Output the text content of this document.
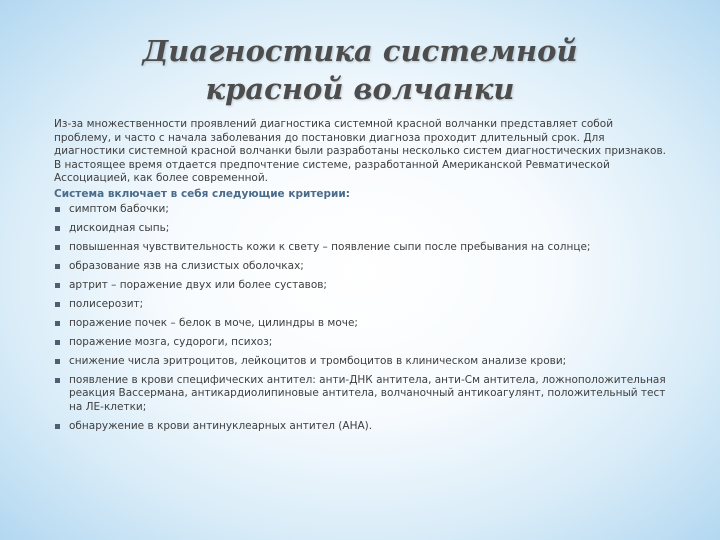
Диагностика системной
красной волчанки

Из-за множественности проявлений диагностика системной красной волчанки представляет собой проблему, и часто с начала заболевания до постановки диагноза проходит длительный срок. Для диагностики системной красной волчанки были разработаны несколько систем диагностических признаков. В настоящее время отдается предпочтение системе, разработанной Американской Ревматической Ассоциацией, как более современной.

Система включает в себя следующие критерии:
симптом бабочки;
дискоидная сыпь;
повышенная чувствительность кожи к свету – появление сыпи после пребывания на солнце;
образование язв на слизистых оболочках;
артрит – поражение двух или более суставов;
полисерозит;
поражение почек – белок в моче, цилиндры в моче;
поражение мозга, судороги, психоз;
снижение числа эритроцитов, лейкоцитов и тромбоцитов в клиническом анализе крови;
появление в крови специфических антител: анти-ДНК антитела, анти-См антитела, ложноположительная реакция Вассермана, антикардиолипиновые антитела, волчаночный антикоагулянт, положительный тест на ЛЕ-клетки;
обнаружение в крови антинуклеарных антител (АНА).
